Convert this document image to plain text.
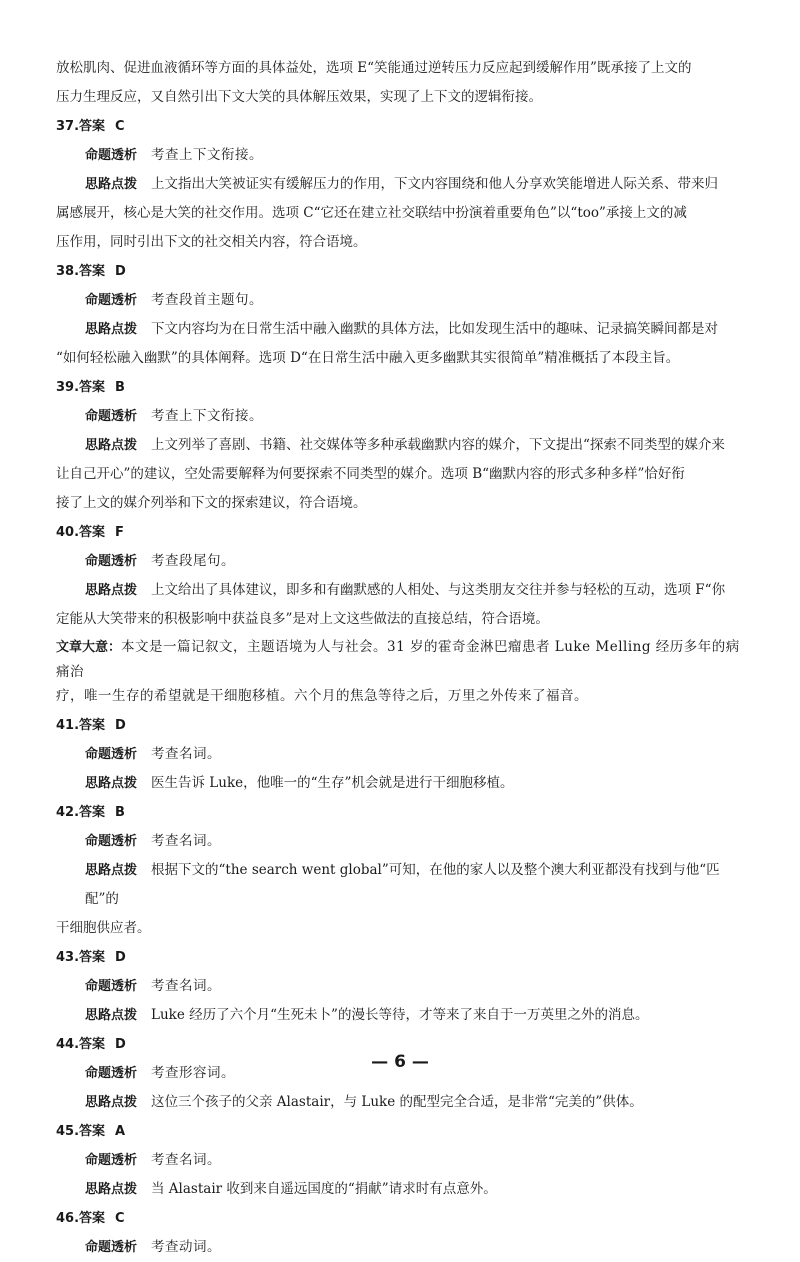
放松肌肉、促进血液循环等方面的具体益处，选项 E“笑能通过逆转压力反应起到缓解作用”既承接了上文的

压力生理反应，又自然引出下文大笑的具体解压效果，实现了上下文的逻辑衔接。

37.答案 C

命题透析 考查上下文衔接。

思路点拨 上文指出大笑被证实有缓解压力的作用，下文内容围绕和他人分享欢笑能增进人际关系、带来归

属感展开，核心是大笑的社交作用。选项 C“它还在建立社交联结中扮演着重要角色”以“too”承接上文的减

压作用，同时引出下文的社交相关内容，符合语境。

38.答案 D

命题透析 考查段首主题句。

思路点拨 下文内容均为在日常生活中融入幽默的具体方法，比如发现生活中的趣味、记录搞笑瞬间都是对

“如何轻松融入幽默”的具体阐释。选项 D“在日常生活中融入更多幽默其实很简单”精准概括了本段主旨。

39.答案 B

命题透析 考查上下文衔接。

思路点拨 上文列举了喜剧、书籍、社交媒体等多种承载幽默内容的媒介，下文提出“探索不同类型的媒介来

让自己开心”的建议，空处需要解释为何要探索不同类型的媒介。选项 B“幽默内容的形式多种多样”恰好衔

接了上文的媒介列举和下文的探索建议，符合语境。

40.答案 F

命题透析 考查段尾句。

思路点拨 上文给出了具体建议，即多和有幽默感的人相处、与这类朋友交往并参与轻松的互动，选项 F“你

定能从大笑带来的积极影响中获益良多”是对上文这些做法的直接总结，符合语境。

文章大意：本文是一篇记叙文，主题语境为人与社会。31 岁的霍奇金淋巴瘤患者 Luke Melling 经历多年的病痛治

疗，唯一生存的希望就是干细胞移植。六个月的焦急等待之后，万里之外传来了福音。

41.答案 D

命题透析 考查名词。

思路点拨 医生告诉 Luke，他唯一的“生存”机会就是进行干细胞移植。

42.答案 B

命题透析 考查名词。

思路点拨 根据下文的“the search went global”可知，在他的家人以及整个澳大利亚都没有找到与他“匹配”的

干细胞供应者。

43.答案 D

命题透析 考查名词。

思路点拨 Luke 经历了六个月“生死未卜”的漫长等待，才等来了来自于一万英里之外的消息。

44.答案 D

命题透析 考查形容词。

思路点拨 这位三个孩子的父亲 Alastair，与 Luke 的配型完全合适，是非常“完美的”供体。

45.答案 A

命题透析 考查名词。

思路点拨 当 Alastair 收到来自遥远国度的“捐献”请求时有点意外。

46.答案 C

命题透析 考查动词。

— 6 —
